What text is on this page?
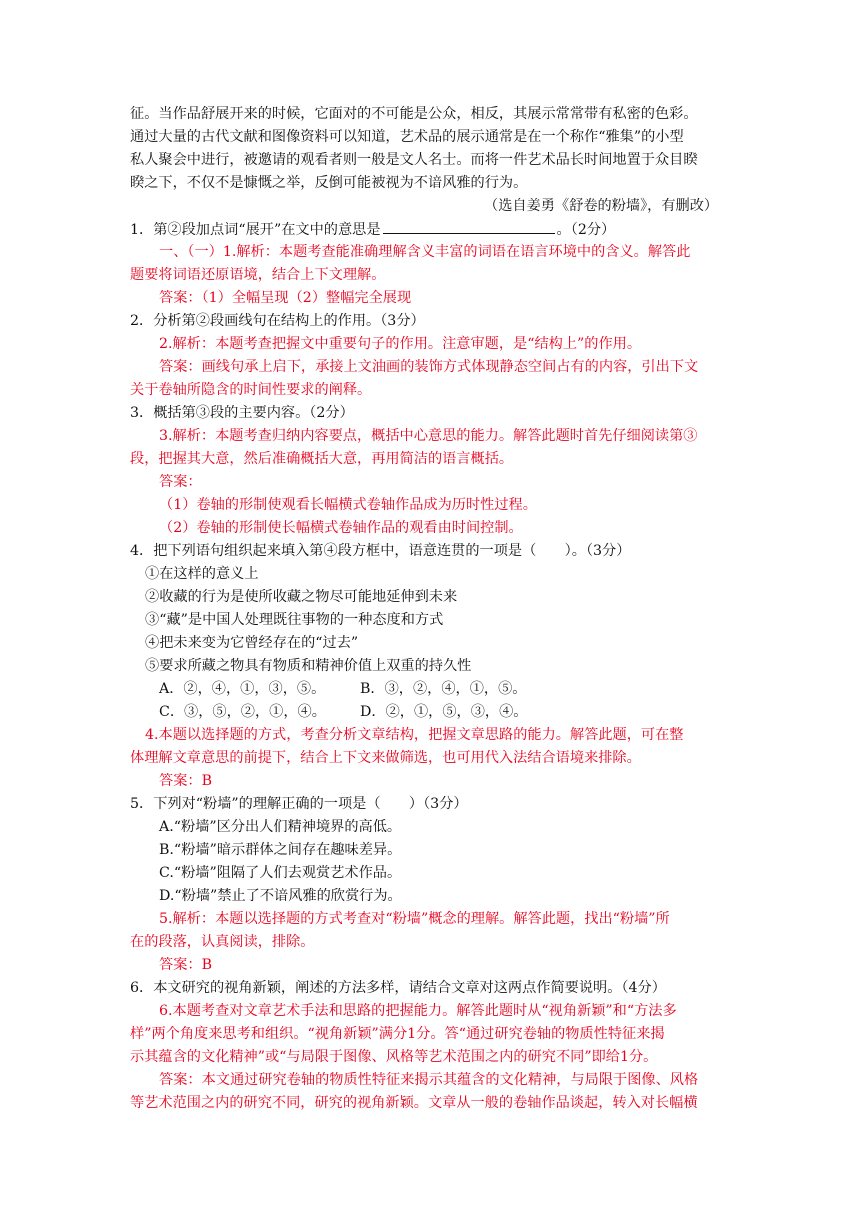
征。当作品舒展开来的时候，它面对的不可能是公众，相反，其展示常常带有私密的色彩。
通过大量的古代文献和图像资料可以知道，艺术品的展示通常是在一个称作“雅集”的小型
私人聚会中进行，被邀请的观看者则一般是文人名士。而将一件艺术品长时间地置于众目睽
睽之下，不仅不是慷慨之举，反倒可能被视为不谙风雅的行为。
（选自姜勇《舒卷的粉墙》，有删改）
1．第②段加点词“展开”在文中的意思是	。（2分）
一、（一）1.解析：本题考查能准确理解含义丰富的词语在语言环境中的含义。解答此
题要将词语还原语境，结合上下文理解。
答案：（1）全幅呈现（2）整幅完全展现
2．分析第②段画线句在结构上的作用。（3分）
2.解析：本题考查把握文中重要句子的作用。注意审题，是“结构上”的作用。
答案：画线句承上启下，承接上文油画的装饰方式体现静态空间占有的内容，引出下文
关于卷轴所隐含的时间性要求的阐释。
3．概括第③段的主要内容。（2分）
3.解析：本题考查归纳内容要点，概括中心意思的能力。解答此题时首先仔细阅读第③
段，把握其大意，然后准确概括大意，再用简洁的语言概括。
答案：
（1）卷轴的形制使观看长幅横式卷轴作品成为历时性过程。
（2）卷轴的形制使长幅横式卷轴作品的观看由时间控制。
4．把下列语句组织起来填入第④段方框中，语意连贯的一项是（　　）。（3分）
①在这样的意义上
②收藏的行为是使所收藏之物尽可能地延伸到未来
③“藏”是中国人处理既往事物的一种态度和方式
④把未来变为它曾经存在的“过去”
⑤要求所藏之物具有物质和精神价值上双重的持久性
A．②，④，①，③，⑤。 B．③，②，④，①，⑤。
C．③，⑤，②，①，④。 D．②，①，⑤，③，④。
4.本题以选择题的方式，考查分析文章结构，把握文章思路的能力。解答此题，可在整
体理解文章意思的前提下，结合上下文来做筛选，也可用代入法结合语境来排除。
答案：B
5．下列对“粉墙”的理解正确的一项是（　　）（3分）
A.“粉墙”区分出人们精神境界的高低。
B.“粉墙”暗示群体之间存在趣味差异。
C.“粉墙”阻隔了人们去观赏艺术作品。
D.“粉墙”禁止了不谙风雅的欣赏行为。
5.解析：本题以选择题的方式考查对“粉墙”概念的理解。解答此题，找出“粉墙”所
在的段落，认真阅读，排除。
答案：B
6．本文研究的视角新颖，阐述的方法多样，请结合文章对这两点作简要说明。（4分）
6.本题考查对文章艺术手法和思路的把握能力。解答此题时从“视角新颖”和“方法多
样”两个角度来思考和组织。“视角新颖”满分1分。答“通过研究卷轴的物质性特征来揭
示其蕴含的文化精神”或“与局限于图像、风格等艺术范围之内的研究不同”即给1分。
答案：本文通过研究卷轴的物质性特征来揭示其蕴含的文化精神，与局限于图像、风格
等艺术范围之内的研究不同，研究的视角新颖。文章从一般的卷轴作品谈起，转入对长幅横
